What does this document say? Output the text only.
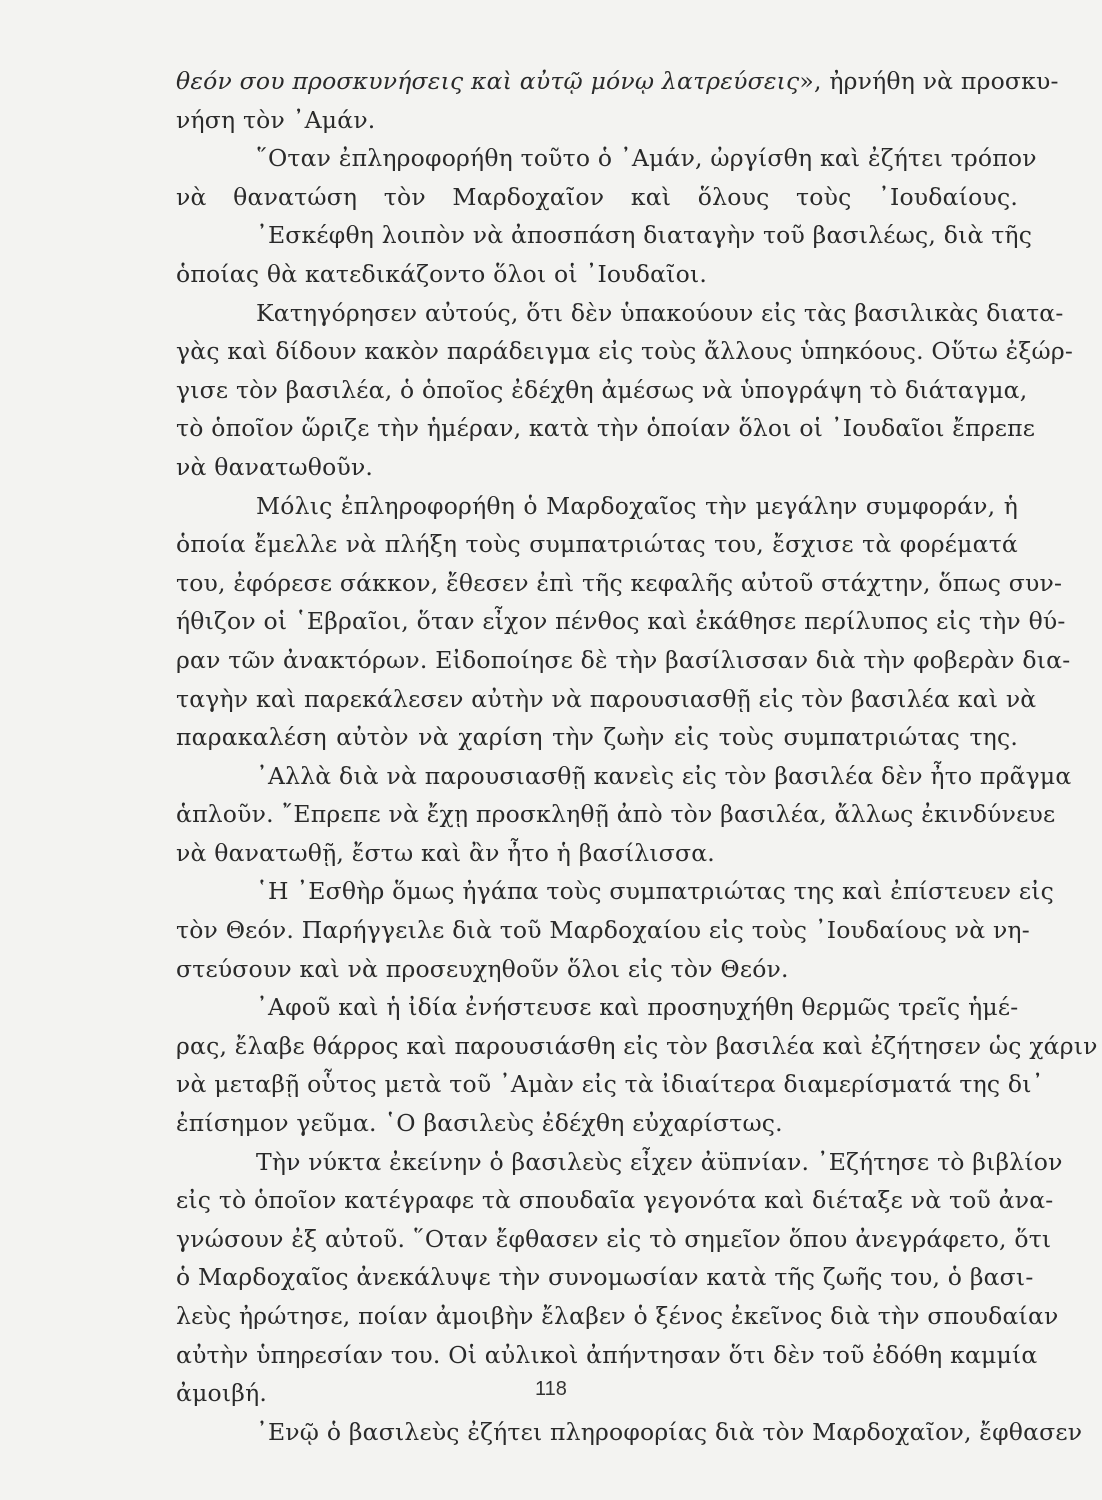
θεόν σου προσκυνήσεις καὶ αὐτῷ μόνῳ λατρεύσεις», ἠρνήθη νὰ προσκυ-
νήση τὸν ᾿Αμάν.
῞Οταν ἐπληροφορήθη τοῦτο ὁ ᾿Αμάν, ὠργίσθη καὶ ἐζήτει τρόπον
νὰ θανατώση τὸν Μαρδοχαῖον καὶ ὅλους τοὺς ᾿Ιουδαίους.
᾿Εσκέφθη λοιπὸν νὰ ἀποσπάση διαταγὴν τοῦ βασιλέως, διὰ τῆς
ὁποίας θὰ κατεδικάζοντο ὅλοι οἱ ᾿Ιουδαῖοι.
Κατηγόρησεν αὐτούς, ὅτι δὲν ὑπακούουν εἰς τὰς βασιλικὰς διατα-
γὰς καὶ δίδουν κακὸν παράδειγμα εἰς τοὺς ἄλλους ὑπηκόους. Οὕτω ἐξώρ-
γισε τὸν βασιλέα, ὁ ὁποῖος ἐδέχθη ἀμέσως νὰ ὑπογράψη τὸ διάταγμα,
τὸ ὁποῖον ὥριζε τὴν ἡμέραν, κατὰ τὴν ὁποίαν ὅλοι οἱ ᾿Ιουδαῖοι ἔπρεπε
νὰ θανατωθοῦν.
Μόλις ἐπληροφορήθη ὁ Μαρδοχαῖος τὴν μεγάλην συμφοράν, ἡ
ὁποία ἔμελλε νὰ πλήξη τοὺς συμπατριώτας του, ἔσχισε τὰ φορέματά
του, ἐφόρεσε σάκκον, ἔθεσεν ἐπὶ τῆς κεφαλῆς αὐτοῦ στάχτην, ὅπως συν-
ήθιζον οἱ ῾Εβραῖοι, ὅταν εἶχον πένθος καὶ ἐκάθησε περίλυπος εἰς τὴν θύ-
ραν τῶν ἀνακτόρων. Εἰδοποίησε δὲ τὴν βασίλισσαν διὰ τὴν φοβερὰν δια-
ταγὴν καὶ παρεκάλεσεν αὐτὴν νὰ παρουσιασθῇ εἰς τὸν βασιλέα καὶ νὰ
παρακαλέση αὐτὸν νὰ χαρίση τὴν ζωὴν εἰς τοὺς συμπατριώτας της.
᾿Αλλὰ διὰ νὰ παρουσιασθῇ κανεὶς εἰς τὸν βασιλέα δὲν ἦτο πρᾶγμα
ἁπλοῦν. ῎Επρεπε νὰ ἔχῃ προσκληθῇ ἀπὸ τὸν βασιλέα, ἄλλως ἐκινδύνευε
νὰ θανατωθῇ, ἔστω καὶ ἂν ἦτο ἡ βασίλισσα.
῾Η ᾿Εσθὴρ ὅμως ἠγάπα τοὺς συμπατριώτας της καὶ ἐπίστευεν εἰς
τὸν Θεόν. Παρήγγειλε διὰ τοῦ Μαρδοχαίου εἰς τοὺς ᾿Ιουδαίους νὰ νη-
στεύσουν καὶ νὰ προσευχηθοῦν ὅλοι εἰς τὸν Θεόν.
᾿Αφοῦ καὶ ἡ ἰδία ἐνήστευσε καὶ προσηυχήθη θερμῶς τρεῖς ἡμέ-
ρας, ἔλαβε θάρρος καὶ παρουσιάσθη εἰς τὸν βασιλέα καὶ ἐζήτησεν ὡς χάριν
νὰ μεταβῇ οὗτος μετὰ τοῦ ᾿Αμὰν εἰς τὰ ἰδιαίτερα διαμερίσματά της δι᾿
ἐπίσημον γεῦμα. ῾Ο βασιλεὺς ἐδέχθη εὐχαρίστως.
Τὴν νύκτα ἐκείνην ὁ βασιλεὺς εἶχεν ἀϋπνίαν. ᾿Εζήτησε τὸ βιβλίον
εἰς τὸ ὁποῖον κατέγραφε τὰ σπουδαῖα γεγονότα καὶ διέταξε νὰ τοῦ ἀνα-
γνώσουν ἐξ αὐτοῦ. ῞Οταν ἔφθασεν εἰς τὸ σημεῖον ὅπου ἀνεγράφετο, ὅτι
ὁ Μαρδοχαῖος ἀνεκάλυψε τὴν συνομωσίαν κατὰ τῆς ζωῆς του, ὁ βασι-
λεὺς ἠρώτησε, ποίαν ἀμοιβὴν ἔλαβεν ὁ ξένος ἐκεῖνος διὰ τὴν σπουδαίαν
αὐτὴν ὑπηρεσίαν του. Οἱ αὐλικοὶ ἀπήντησαν ὅτι δὲν τοῦ ἐδόθη καμμία
ἀμοιβή.
᾿Ενῷ ὁ βασιλεὺς ἐζήτει πληροφορίας διὰ τὸν Μαρδοχαῖον, ἔφθασεν
118
